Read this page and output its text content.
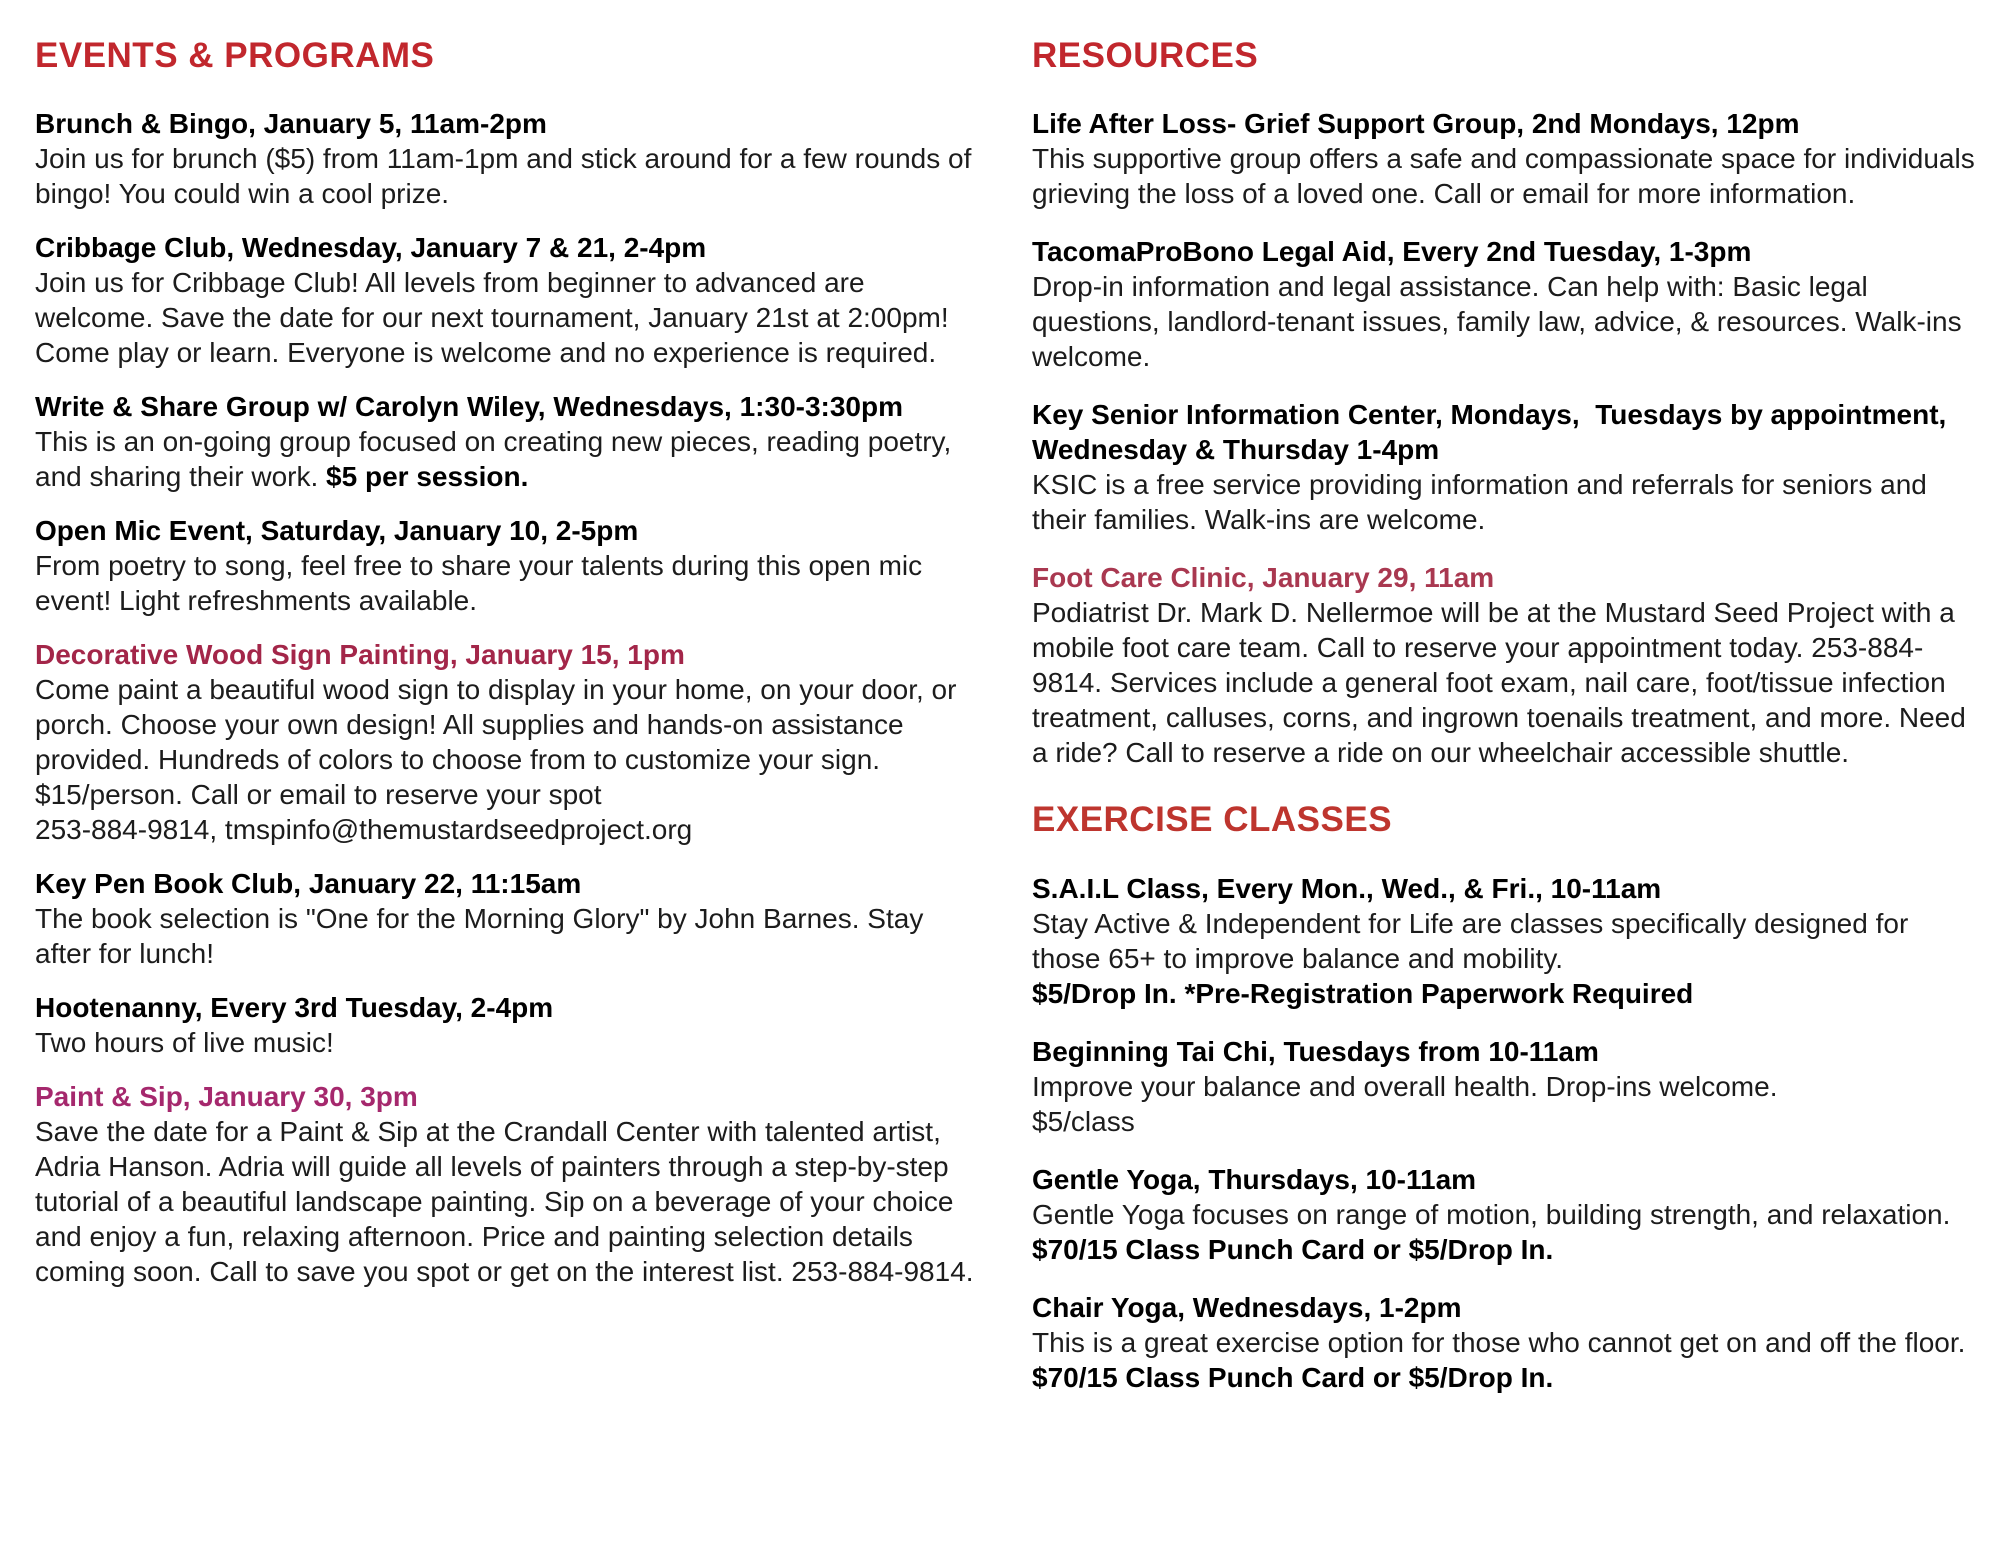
EVENTS & PROGRAMS
Brunch & Bingo, January 5, 11am-2pm

Join us for brunch ($5) from 11am-1pm and stick around for a few rounds of bingo! You could win a cool prize.

Cribbage Club, Wednesday, January 7 & 21, 2-4pm

Join us for Cribbage Club! All levels from beginner to advanced are welcome. Save the date for our next tournament, January 21st at 2:00pm! Come play or learn. Everyone is welcome and no experience is required.

Write & Share Group w/ Carolyn Wiley, Wednesdays, 1:30-3:30pm

This is an on-going group focused on creating new pieces, reading poetry, and sharing their work. $5 per session.

Open Mic Event, Saturday, January 10, 2-5pm

From poetry to song, feel free to share your talents during this open mic event! Light refreshments available.

Decorative Wood Sign Painting, January 15, 1pm

Come paint a beautiful wood sign to display in your home, on your door, or porch. Choose your own design! All supplies and hands-on assistance provided. Hundreds of colors to choose from to customize your sign. $15/person. Call or email to reserve your spot

253-884-9814, tmspinfo@themustardseedproject.org

Key Pen Book Club, January 22, 11:15am

The book selection is "One for the Morning Glory" by John Barnes. Stay after for lunch!

Hootenanny, Every 3rd Tuesday, 2-4pm

Two hours of live music!

Paint & Sip, January 30, 3pm

Save the date for a Paint & Sip at the Crandall Center with talented artist, Adria Hanson. Adria will guide all levels of painters through a step-by-step tutorial of a beautiful landscape painting. Sip on a beverage of your choice and enjoy a fun, relaxing afternoon. Price and painting selection details coming soon. Call to save you spot or get on the interest list. 253-884-9814.

RESOURCES
Life After Loss- Grief Support Group, 2nd Mondays, 12pm

This supportive group offers a safe and compassionate space for individuals grieving the loss of a loved one. Call or email for more information.

TacomaProBono Legal Aid, Every 2nd Tuesday, 1-3pm

Drop-in information and legal assistance. Can help with: Basic legal questions, landlord-tenant issues, family law, advice, & resources. Walk-ins welcome.

Key Senior Information Center, Mondays,  Tuesdays by appointment, Wednesday & Thursday 1-4pm

KSIC is a free service providing information and referrals for seniors and their families. Walk-ins are welcome.

Foot Care Clinic, January 29, 11am

Podiatrist Dr. Mark D. Nellermoe will be at the Mustard Seed Project with a mobile foot care team. Call to reserve your appointment today. 253-884-9814. Services include a general foot exam, nail care, foot/tissue infection treatment, calluses, corns, and ingrown toenails treatment, and more. Need a ride? Call to reserve a ride on our wheelchair accessible shuttle.

EXERCISE CLASSES
S.A.I.L Class, Every Mon., Wed., & Fri., 10-11am

Stay Active & Independent for Life are classes specifically designed for those 65+ to improve balance and mobility.

$5/Drop In. *Pre-Registration Paperwork Required

Beginning Tai Chi, Tuesdays from 10-11am

Improve your balance and overall health. Drop-ins welcome.

$5/class

Gentle Yoga, Thursdays, 10-11am

Gentle Yoga focuses on range of motion, building strength, and relaxation. $70/15 Class Punch Card or $5/Drop In.

Chair Yoga, Wednesdays, 1-2pm

This is a great exercise option for those who cannot get on and off the floor. $70/15 Class Punch Card or $5/Drop In.
